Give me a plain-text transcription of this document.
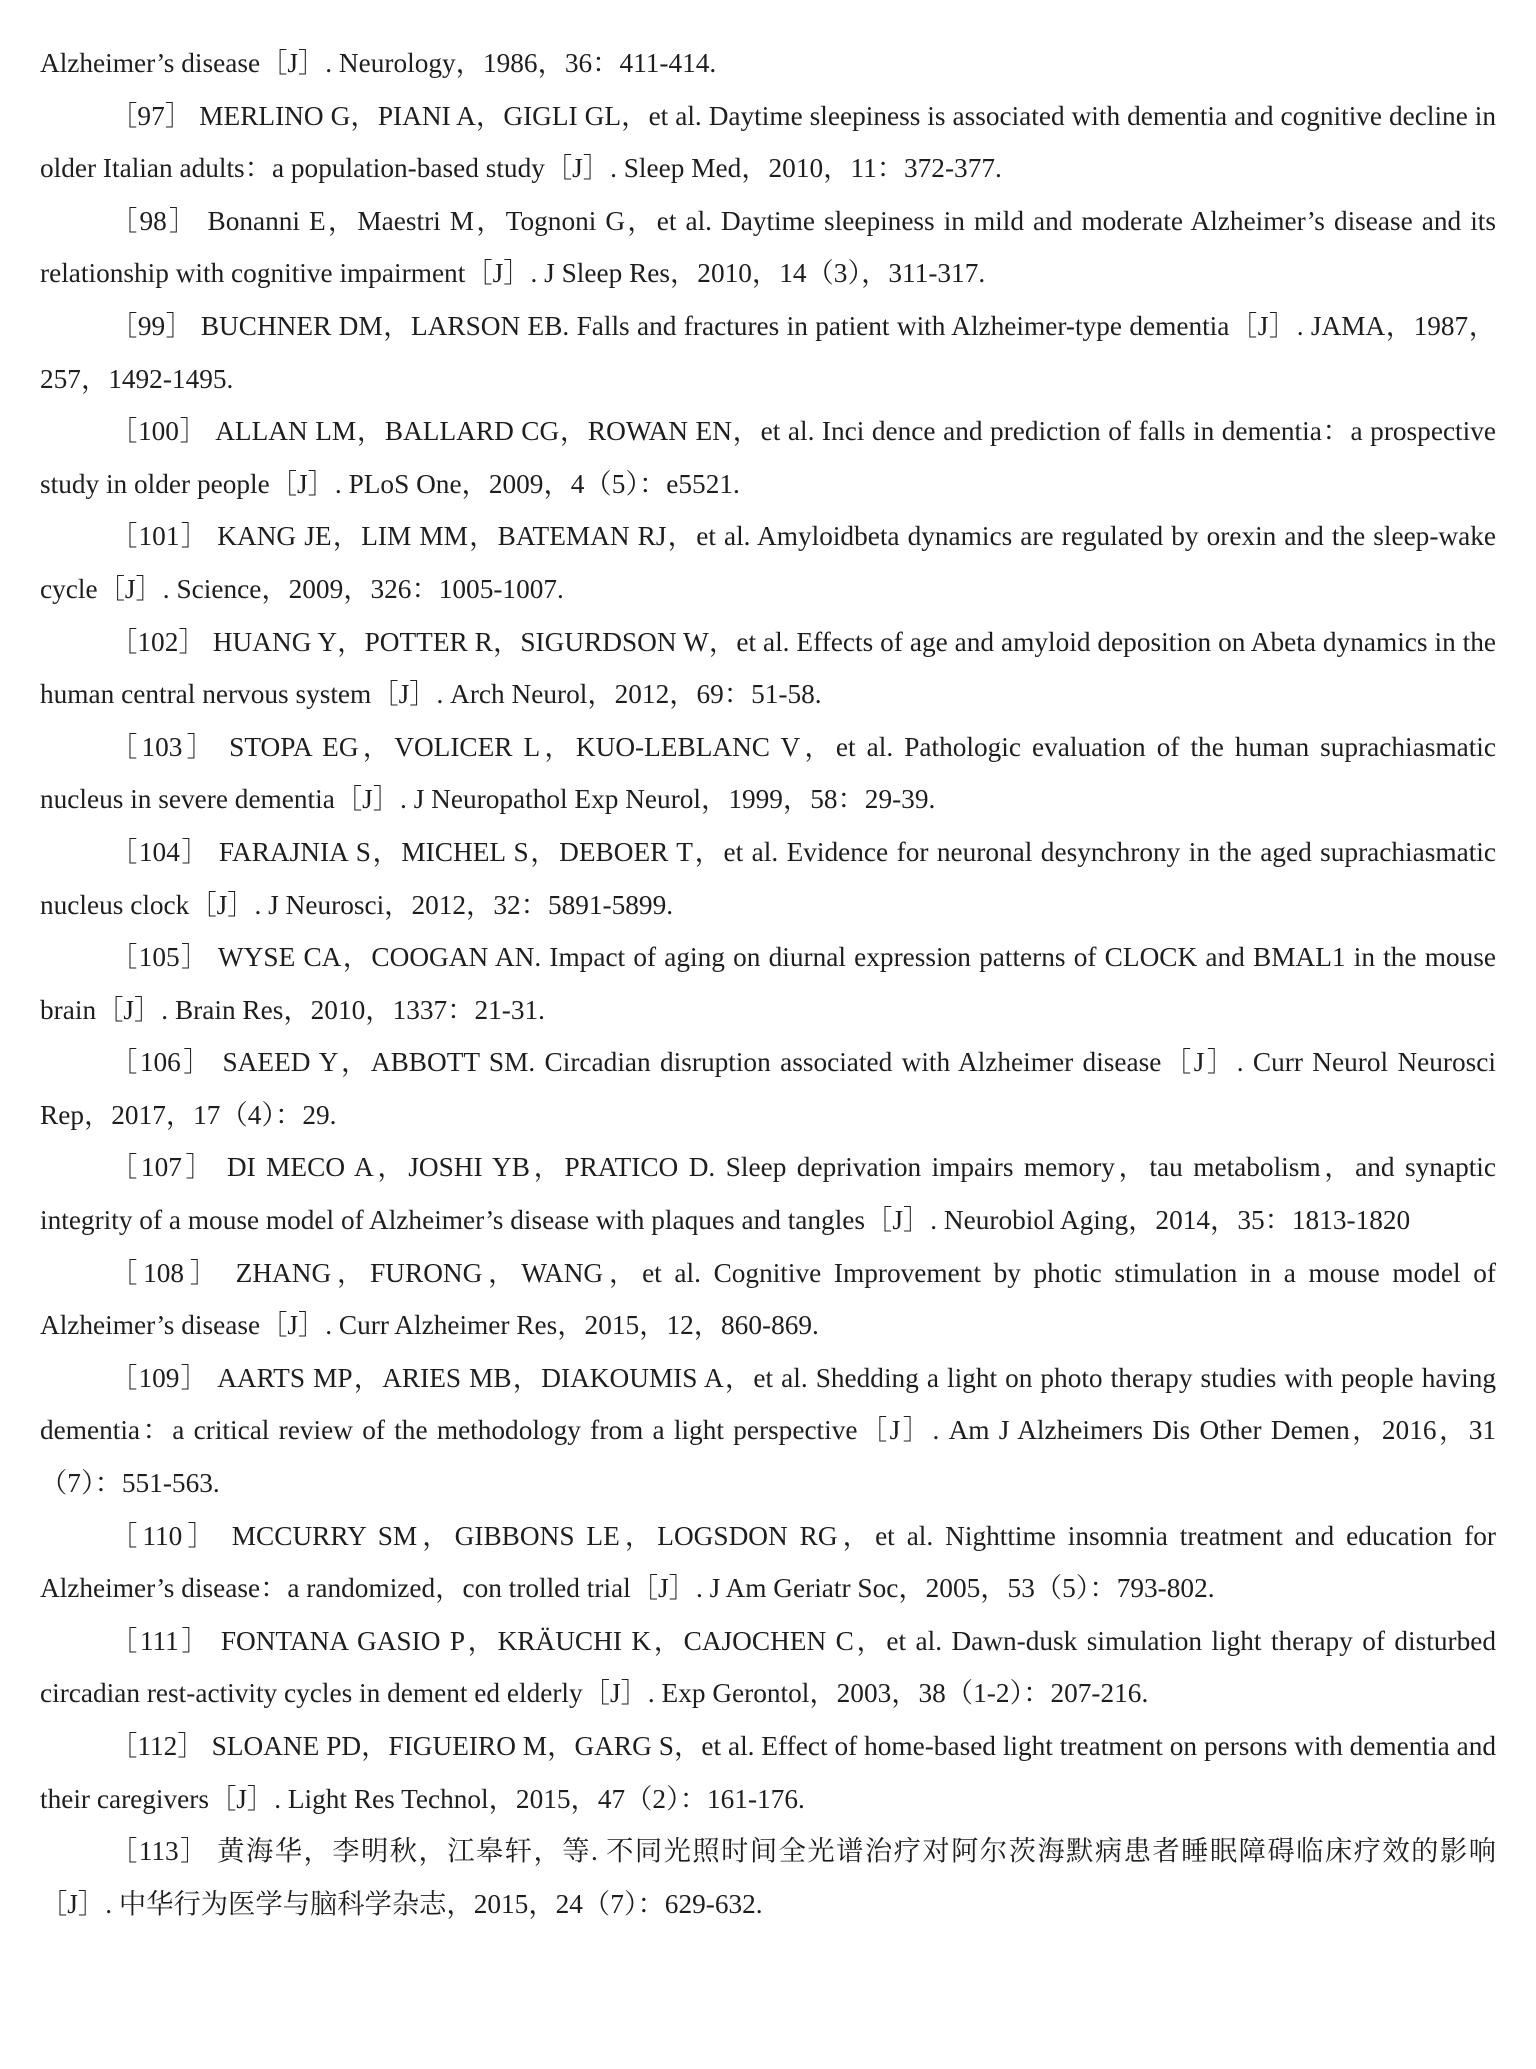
Alzheimer’s disease［J］. Neurology，1986，36：411-414.

［97］ MERLINO G，PIANI A，GIGLI GL，et al. Daytime sleepiness is associated with dementia and cognitive decline in older Italian adults：a population-based study［J］. Sleep Med，2010，11：372-377.

［98］ Bonanni E，Maestri M，Tognoni G，et al. Daytime sleepiness in mild and moderate Alzheimer’s disease and its relationship with cognitive impairment［J］. J Sleep Res，2010，14（3），311-317.

［99］ BUCHNER DM，LARSON EB. Falls and fractures in patient with Alzheimer-type dementia［J］. JAMA，1987，257，1492-1495.

［100］ ALLAN LM，BALLARD CG，ROWAN EN，et al. Inci dence and prediction of falls in dementia：a prospective study in older people［J］. PLoS One，2009，4（5）：e5521.

［101］ KANG JE，LIM MM，BATEMAN RJ，et al. Amyloidbeta dynamics are regulated by orexin and the sleep-wake cycle［J］. Science，2009，326：1005-1007.

［102］ HUANG Y，POTTER R，SIGURDSON W，et al. Effects of age and amyloid deposition on Abeta dynamics in the human central nervous system［J］. Arch Neurol，2012，69：51-58.

［103］ STOPA EG，VOLICER L，KUO-LEBLANC V，et al. Pathologic evaluation of the human suprachiasmatic nucleus in severe dementia［J］. J Neuropathol Exp Neurol，1999，58：29-39.

［104］ FARAJNIA S，MICHEL S，DEBOER T，et al. Evidence for neuronal desynchrony in the aged suprachiasmatic nucleus clock［J］. J Neurosci，2012，32：5891-5899.

［105］ WYSE CA，COOGAN AN. Impact of aging on diurnal expression patterns of CLOCK and BMAL1 in the mouse brain［J］. Brain Res，2010，1337：21-31.

［106］ SAEED Y，ABBOTT SM. Circadian disruption associated with Alzheimer disease［J］. Curr Neurol Neurosci Rep，2017，17（4）：29.

［107］ DI MECO A，JOSHI YB，PRATICO D. Sleep deprivation impairs memory，tau metabolism，and synaptic integrity of a mouse model of Alzheimer’s disease with plaques and tangles［J］. Neurobiol Aging，2014，35：1813-1820

［108］ ZHANG，FURONG，WANG，et al. Cognitive Improvement by photic stimulation in a mouse model of Alzheimer’s disease［J］. Curr Alzheimer Res，2015，12，860-869.

［109］ AARTS MP，ARIES MB，DIAKOUMIS A，et al. Shedding a light on photo therapy studies with people having dementia：a critical review of the methodology from a light perspective［J］. Am J Alzheimers Dis Other Demen，2016，31（7）：551-563.

［110］ MCCURRY SM，GIBBONS LE，LOGSDON RG，et al. Nighttime insomnia treatment and education for Alzheimer’s disease：a randomized，con trolled trial［J］. J Am Geriatr Soc，2005，53（5）：793-802.

［111］ FONTANA GASIO P，KRÄUCHI K，CAJOCHEN C，et al. Dawn-dusk simulation light therapy of disturbed circadian rest-activity cycles in dement ed elderly［J］. Exp Gerontol，2003，38（1-2）：207-216.

［112］ SLOANE PD，FIGUEIRO M，GARG S，et al. Effect of home-based light treatment on persons with dementia and their caregivers［J］. Light Res Technol，2015，47（2）：161-176.

［113］ 黄海华，李明秋，江皋轩，等. 不同光照时间全光谱治疗对阿尔茨海默病患者睡眠障碍临床疗效的影响［J］. 中华行为医学与脑科学杂志，2015，24（7）：629-632.
